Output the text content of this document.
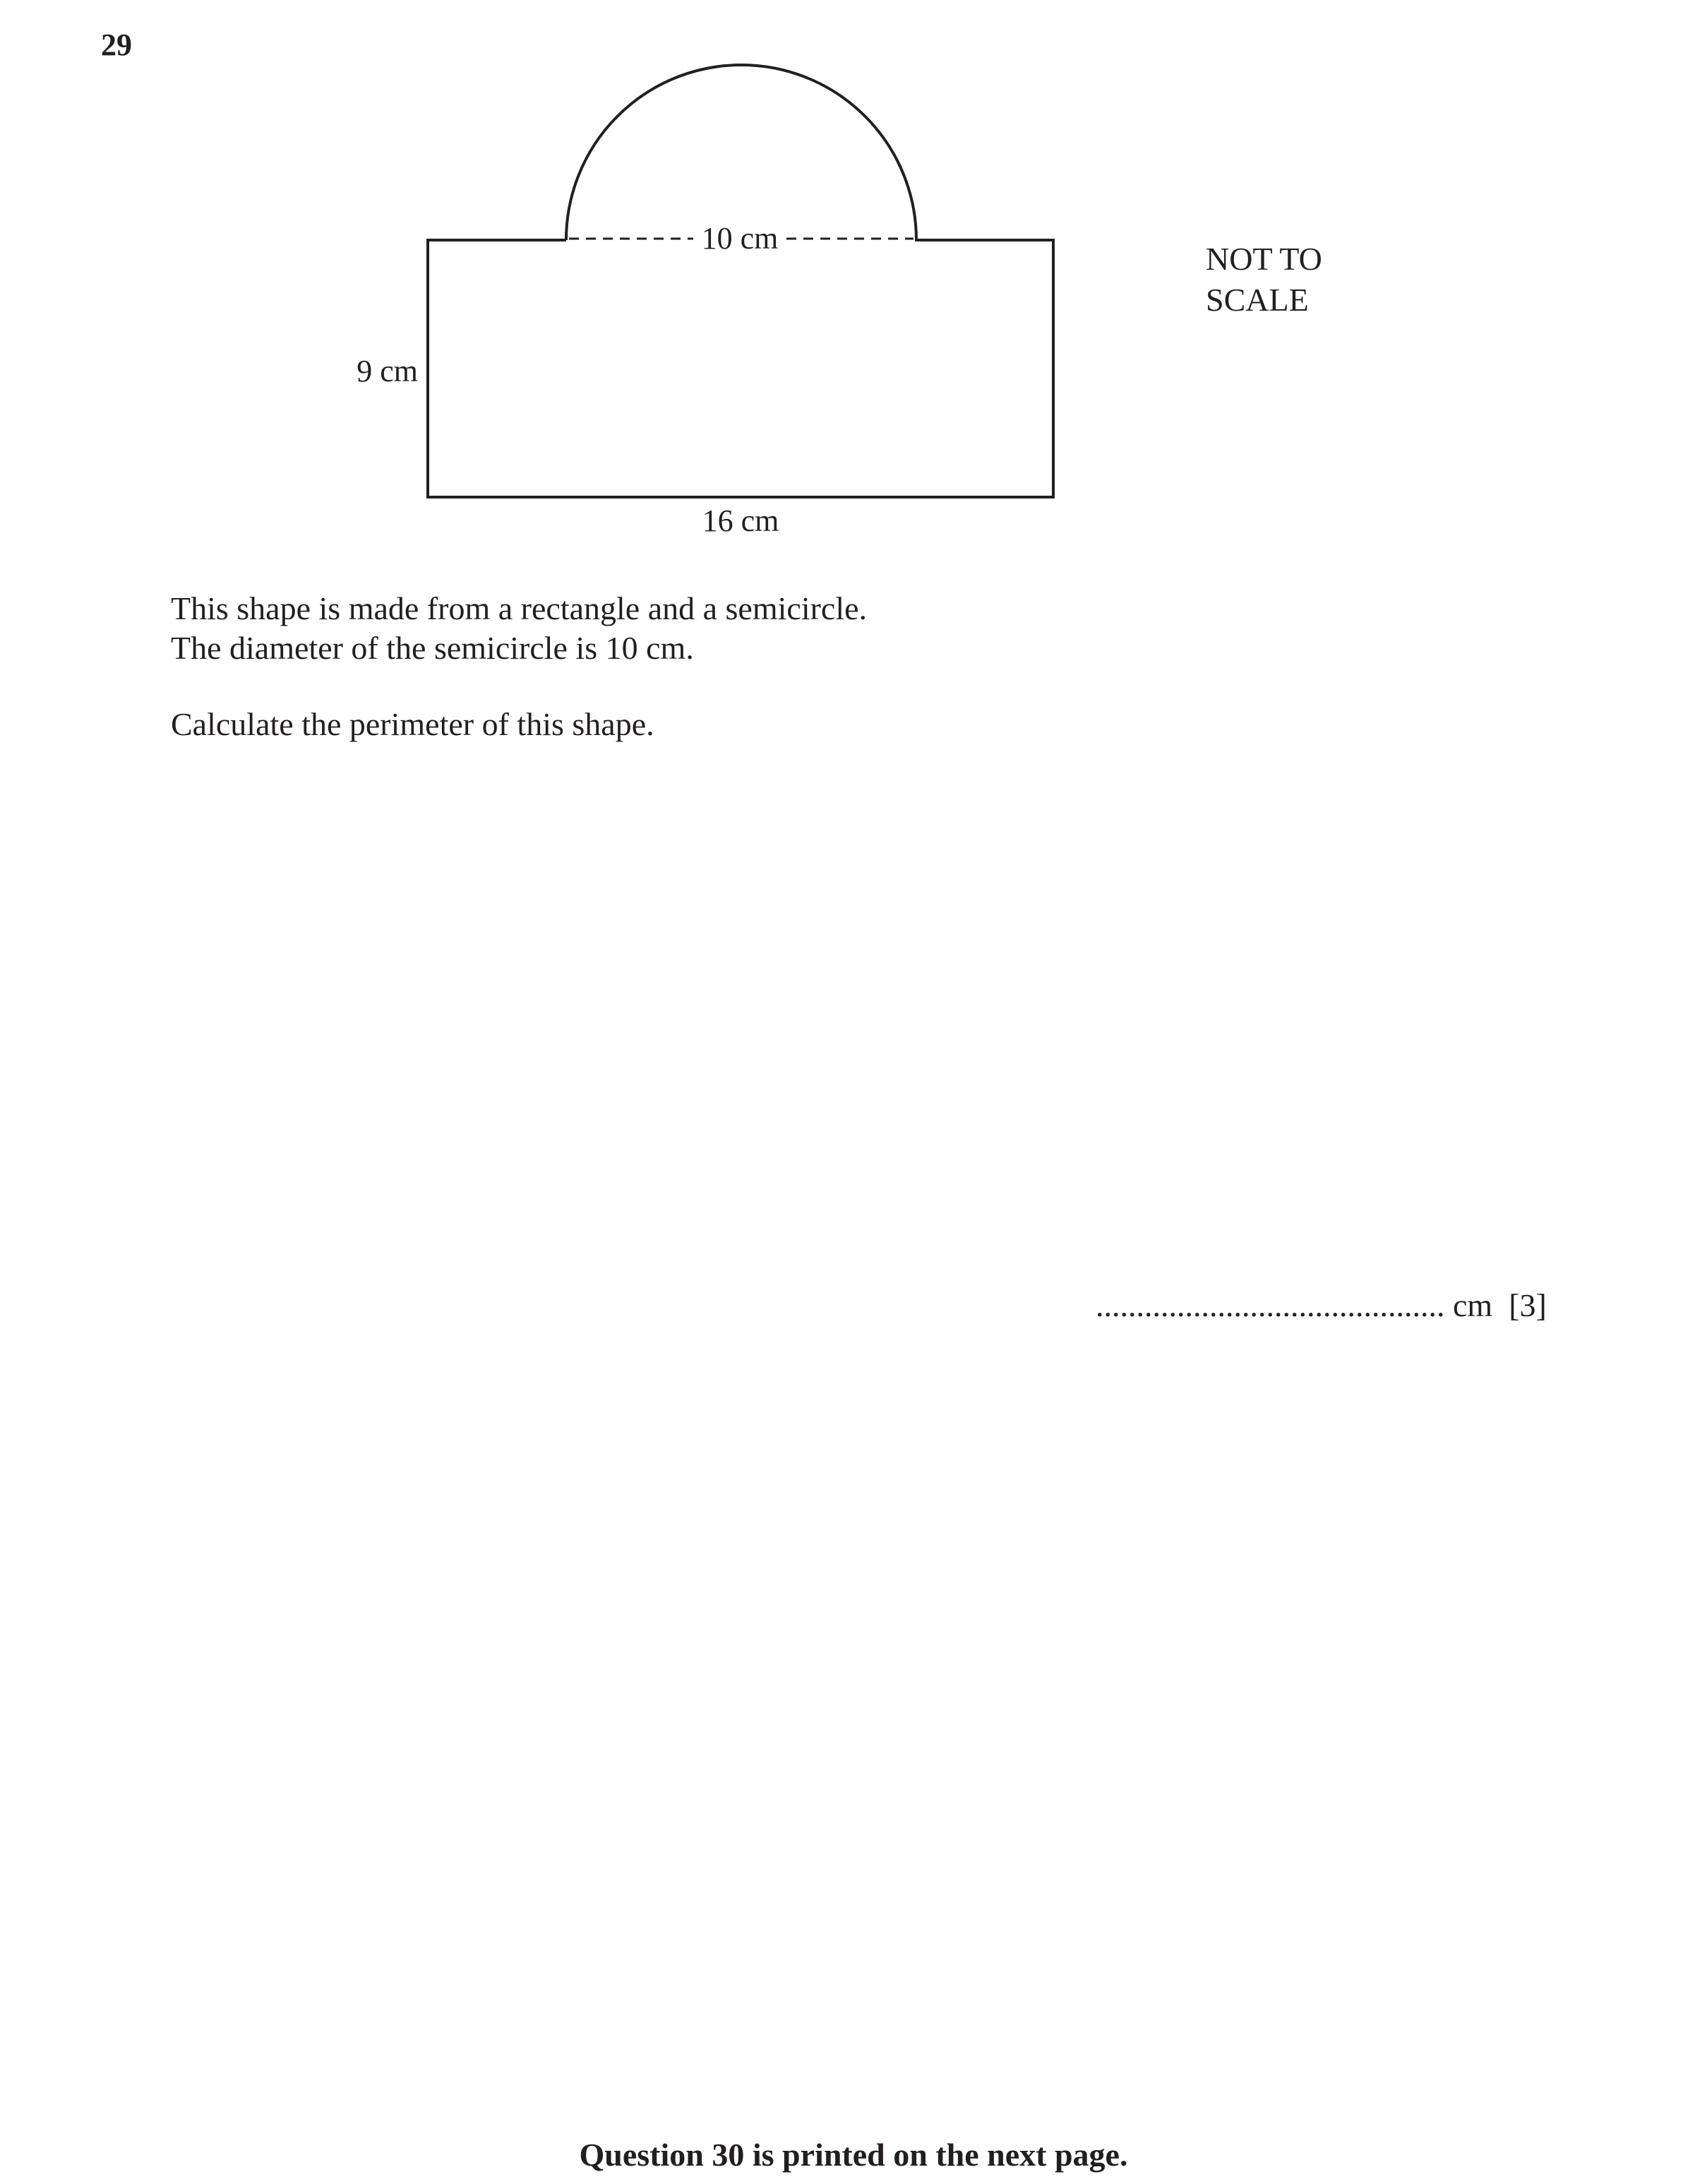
29
10 cm
9 cm
16 cm
NOT TO
SCALE
This shape is made from a rectangle and a semicircle.
The diameter of the semicircle is 10 cm.
Calculate the perimeter of this shape.
........................................... cm [3]
Question 30 is printed on the next page.
